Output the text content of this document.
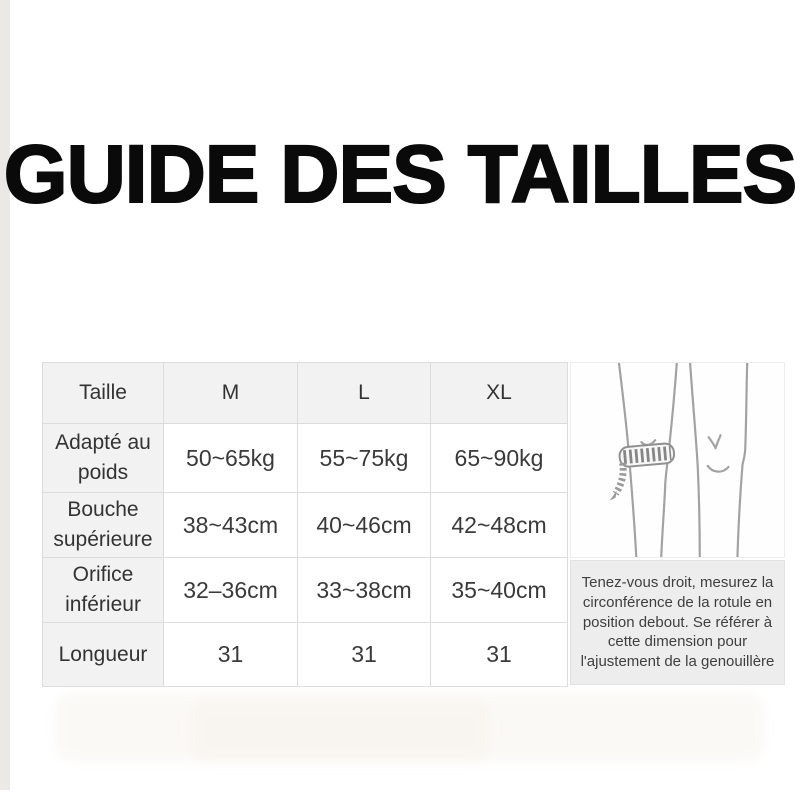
GUIDE DES TAILLES
Taille	M	L	XL
Adapté au poids	50~65kg	55~75kg	65~90kg
Bouche supérieure	38~43cm	40~46cm	42~48cm
Orifice inférieur	32–36cm	33~38cm	35~40cm
Longueur	31	31	31
Tenez-vous droit, mesurez la circonférence de la rotule en position debout. Se référer à cette dimension pour l'ajustement de la genouillère
